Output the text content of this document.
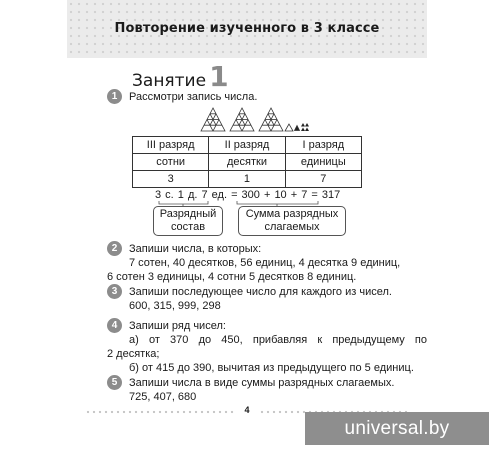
Повторение изученного в 3 классе
Занятие 1
1	Рассмотри запись числа.
III разряд	II разряд	I разряд
сотни	десятки	единицы
3	1	7
3 с. 1 д. 7 ед. = 300 + 10 + 7 = 317
Разрядный
состав
Сумма разрядных
слагаемых
2	Запиши числа, в которых:
7 сотен, 40 десятков, 56 единиц, 4 десятка 9 единиц,
6 сотен 3 единицы, 4 сотни 5 десятков 8 единиц.
3	Запиши последующее число для каждого из чисел.
600, 315, 999, 298
4	Запиши ряд чисел:
а) от 370 до 450, прибавляя к предыдущему по
2 десятка;
б) от 415 до 390, вычитая из предыдущего по 5 единиц.
5	Запиши числа в виде суммы разрядных слагаемых.
725, 407, 680
4
universal.by
